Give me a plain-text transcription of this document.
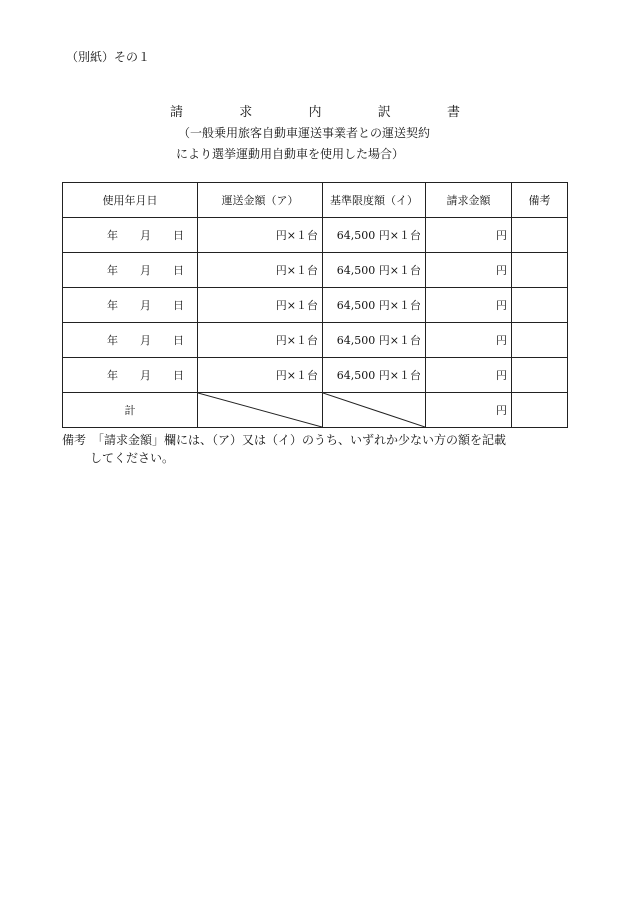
（別紙）その１
請	求	内	訳	書
（一般乗用旅客自動車運送事業者との運送契約
により選挙運動用自動車を使用した場合）
使用年月日	運送金額（ア）	基準限度額（イ）	請求金額	備考

年 月 日	円×１台	64,500 円×１台	円	

年 月 日	円×１台	64,500 円×１台	円	

年 月 日	円×１台	64,500 円×１台	円	

年 月 日	円×１台	64,500 円×１台	円	

年 月 日	円×１台	64,500 円×１台	円	
計			円	
備考　「請求金額」欄には、（ア）又は（イ）のうち、いずれか少ない方の額を記載
してください。
